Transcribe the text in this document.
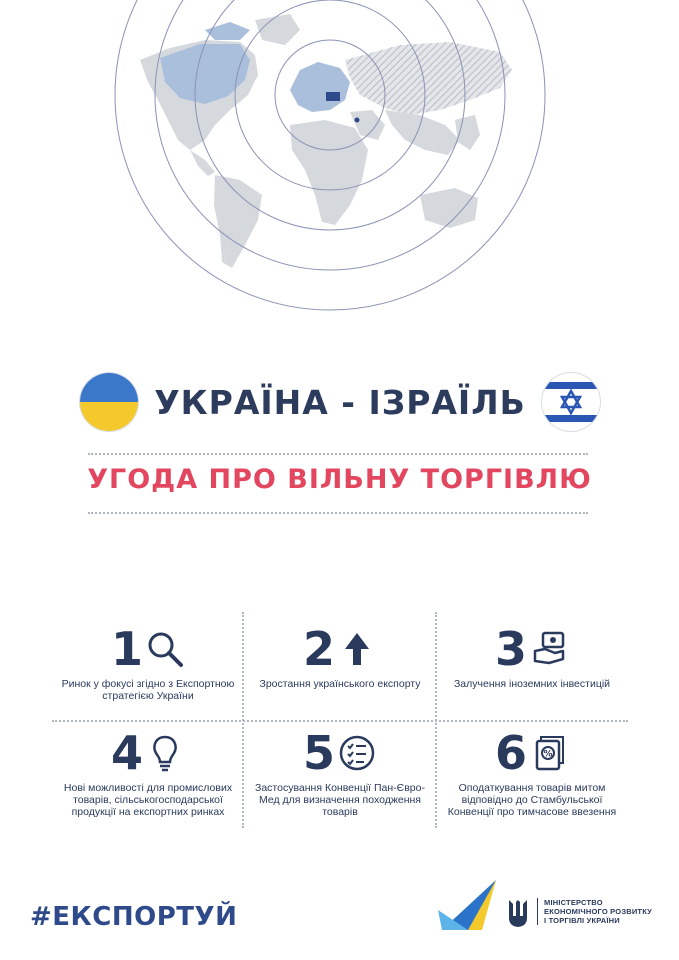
УКРАЇНА - ІЗРАЇЛЬ
УГОДА ПРО ВІЛЬНУ ТОРГІВЛЮ
1
Ринок у фокусі згідно з Експортною стратегією України
2
Зростання українського експорту
3
Залучення іноземних інвестицій
4
Нові можливості для промислових товарів, сільськогосподарської продукції на експортних ринках
5
Застосування Конвенції Пан-Євро-Мед для визначення походження товарів
6 %
Оподаткування товарів митом відповідно до Стамбульської Конвенції про тимчасове ввезення
#ЕКСПОРТУЙ	МІНІСТЕРСТВО
ЕКОНОМІЧНОГО РОЗВИТКУ
І ТОРГІВЛІ УКРАЇНИ
